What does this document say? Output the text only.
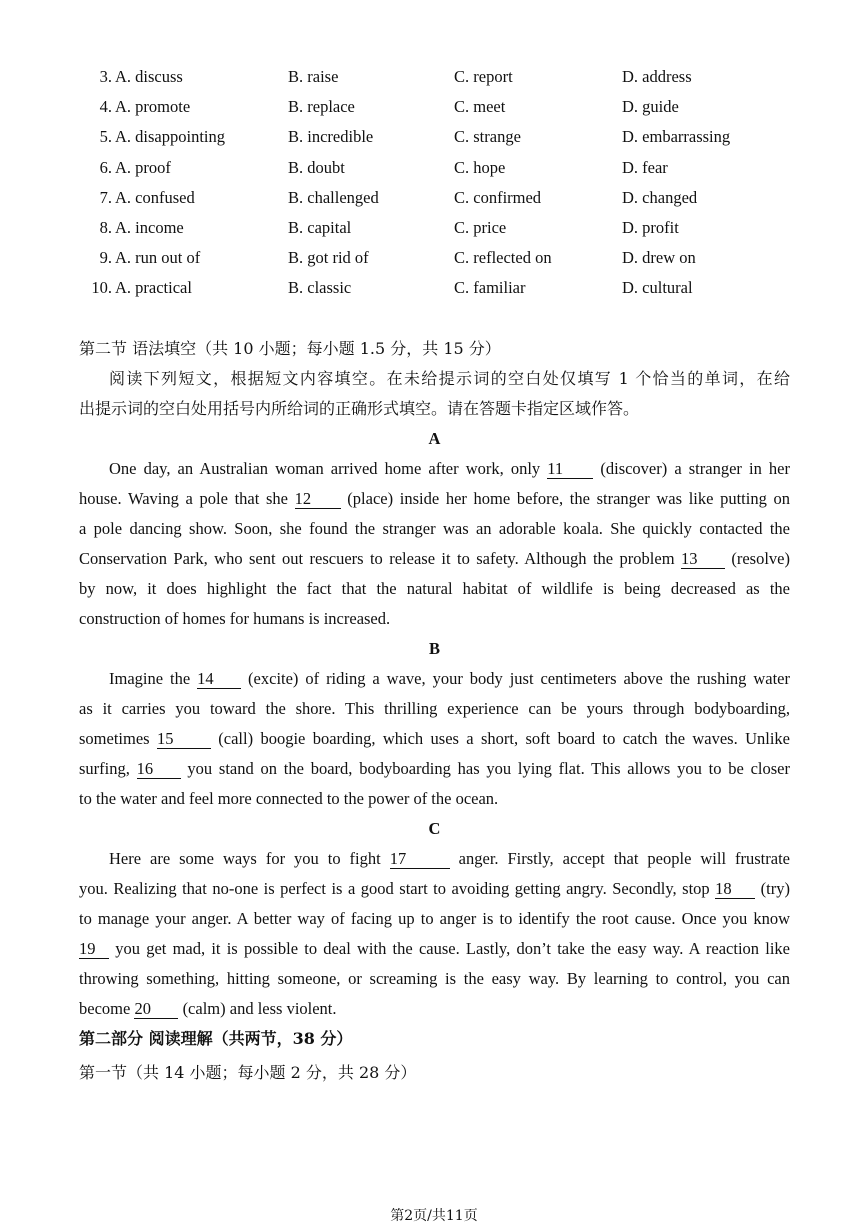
3. A. discuss	B. raise	C. report	D. address
4. A. promote	B. replace	C. meet	D. guide
5. A. disappointing	B. incredible	C. strange	D. embarrassing
6. A. proof	B. doubt	C. hope	D. fear
7. A. confused	B. challenged	C. confirmed	D. changed
8. A. income	B. capital	C. price	D. profit
9. A. run out of	B. got rid of	C. reflected on	D. drew on
10. A. practical	B. classic	C. familiar	D. cultural
第二节 语法填空（共 10 小题；每小题 1.5 分，共 15 分）
阅读下列短文，根据短文内容填空。在未给提示词的空白处仅填写 1 个恰当的单词，在给
出提示词的空白处用括号内所给词的正确形式填空。请在答题卡指定区域作答。
A
One day, an Australian woman arrived home after work, only 11 (discover) a stranger in her
house. Waving a pole that she 12 (place) inside her home before, the stranger was like putting on
a pole dancing show. Soon, she found the stranger was an adorable koala. She quickly contacted the
Conservation Park, who sent out rescuers to release it to safety. Although the problem 13 (resolve)
by now, it does highlight the fact that the natural habitat of wildlife is being decreased as the
construction of homes for humans is increased.
B
Imagine the 14 (excite) of riding a wave, your body just centimeters above the rushing water
as it carries you toward the shore. This thrilling experience can be yours through bodyboarding,
sometimes 15 (call) boogie boarding, which uses a short, soft board to catch the waves. Unlike
surfing, 16 you stand on the board, bodyboarding has you lying flat. This allows you to be closer
to the water and feel more connected to the power of the ocean.
C
Here are some ways for you to fight 17	anger. Firstly, accept that people will frustrate
you. Realizing that no-one is perfect is a good start to avoiding getting angry. Secondly, stop 18 (try)
to manage your anger. A better way of facing up to anger is to identify the root cause. Once you know
19 you get mad, it is possible to deal with the cause. Lastly, don’t take the easy way. A reaction like
throwing something, hitting someone, or screaming is the easy way. By learning to control, you can
become 20 (calm) and less violent.
第二部分 阅读理解（共两节，38 分）
第一节（共 14 小题；每小题 2 分，共 28 分）
第2页/共11页
